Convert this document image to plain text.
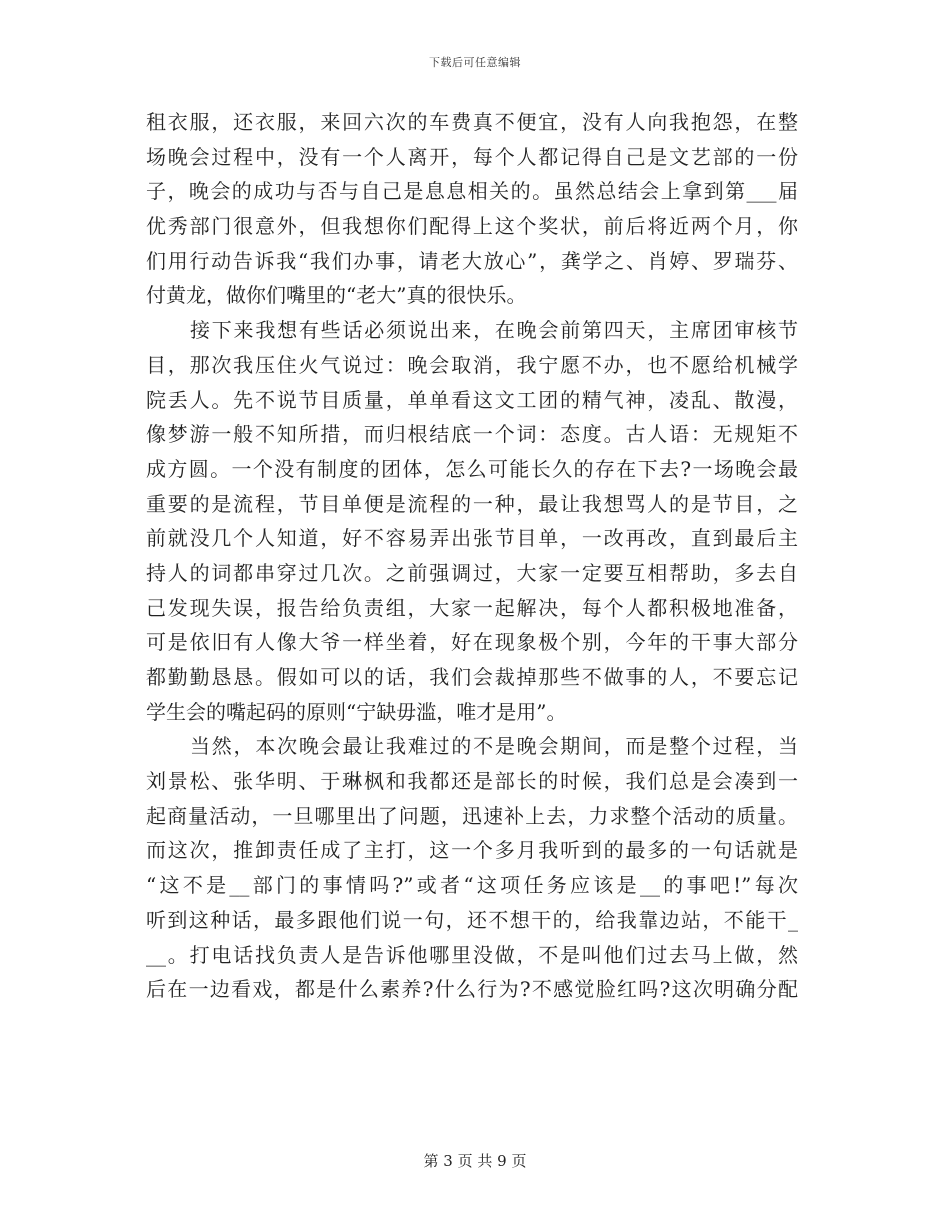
下载后可任意编辑
租衣服，还衣服，来回六次的车费真不便宜，没有人向我抱怨，在整
场晚会过程中，没有一个人离开，每个人都记得自己是文艺部的一份
子，晚会的成功与否与自己是息息相关的。虽然总结会上拿到第___届
优秀部门很意外，但我想你们配得上这个奖状，前后将近两个月，你
们用行动告诉我“我们办事，请老大放心”，龚学之、肖婷、罗瑞芬、
付黄龙，做你们嘴里的“老大”真的很快乐。
接下来我想有些话必须说出来，在晚会前第四天，主席团审核节
目，那次我压住火气说过：晚会取消，我宁愿不办，也不愿给机械学
院丢人。先不说节目质量，单单看这文工团的精气神，凌乱、散漫，
像梦游一般不知所措，而归根结底一个词：态度。古人语：无规矩不
成方圆。一个没有制度的团体，怎么可能长久的存在下去?一场晚会最
重要的是流程，节目单便是流程的一种，最让我想骂人的是节目，之
前就没几个人知道，好不容易弄出张节目单，一改再改，直到最后主
持人的词都串穿过几次。之前强调过，大家一定要互相帮助，多去自
己发现失误，报告给负责组，大家一起解决，每个人都积极地准备，
可是依旧有人像大爷一样坐着，好在现象极个别，今年的干事大部分
都勤勤恳恳。假如可以的话，我们会裁掉那些不做事的人，不要忘记
学生会的嘴起码的原则“宁缺毋滥，唯才是用”。
当然，本次晚会最让我难过的不是晚会期间，而是整个过程，当
刘景松、张华明、于琳枫和我都还是部长的时候，我们总是会凑到一
起商量活动，一旦哪里出了问题，迅速补上去，力求整个活动的质量。
而这次，推卸责任成了主打，这一个多月我听到的最多的一句话就是
“这不是__部门的事情吗?”或者“这项任务应该是__的事吧!”每次
听到这种话，最多跟他们说一句，还不想干的，给我靠边站，不能干_
__。打电话找负责人是告诉他哪里没做，不是叫他们过去马上做，然
后在一边看戏，都是什么素养?什么行为?不感觉脸红吗?这次明确分配
第 3 页 共 9 页
